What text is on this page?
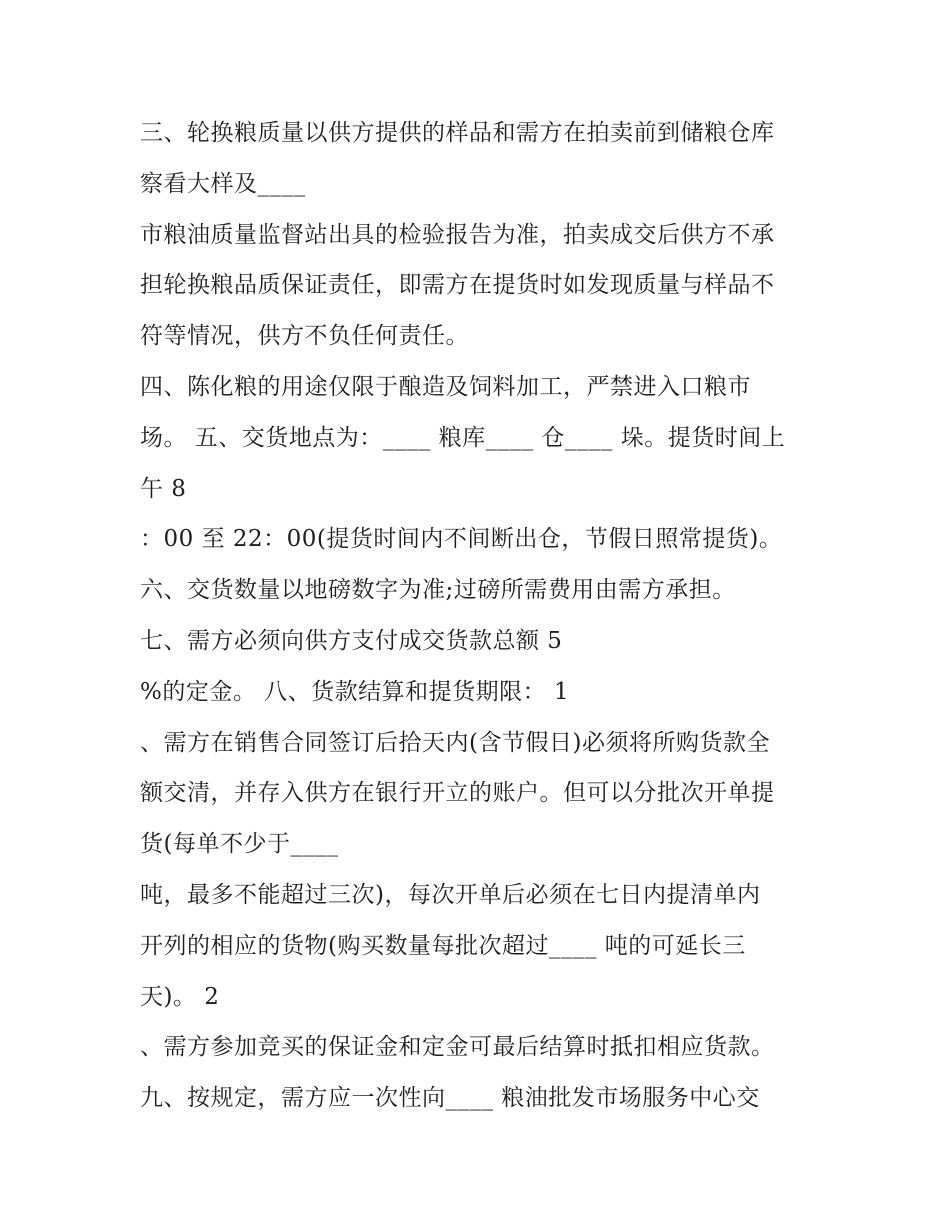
三、轮换粮质量以供方提供的样品和需方在拍卖前到储粮仓库
察看大样及____
市粮油质量监督站出具的检验报告为准，拍卖成交后供方不承
担轮换粮品质保证责任，即需方在提货时如发现质量与样品不
符等情况，供方不负任何责任。
四、陈化粮的用途仅限于酿造及饲料加工，严禁进入口粮市
场。 五、交货地点为：____ 粮库____ 仓____ 垛。提货时间上
午 8
：00 至 22：00(提货时间内不间断出仓，节假日照常提货)。
六、交货数量以地磅数字为准;过磅所需费用由需方承担。
七、需方必须向供方支付成交货款总额 5
%的定金。 八、货款结算和提货期限： 1
、需方在销售合同签订后拾天内(含节假日)必须将所购货款全
额交清，并存入供方在银行开立的账户。但可以分批次开单提
货(每单不少于____
吨，最多不能超过三次)，每次开单后必须在七日内提清单内
开列的相应的货物(购买数量每批次超过____ 吨的可延长三
天)。 2
、需方参加竞买的保证金和定金可最后结算时抵扣相应货款。
九、按规定，需方应一次性向____ 粮油批发市场服务中心交
